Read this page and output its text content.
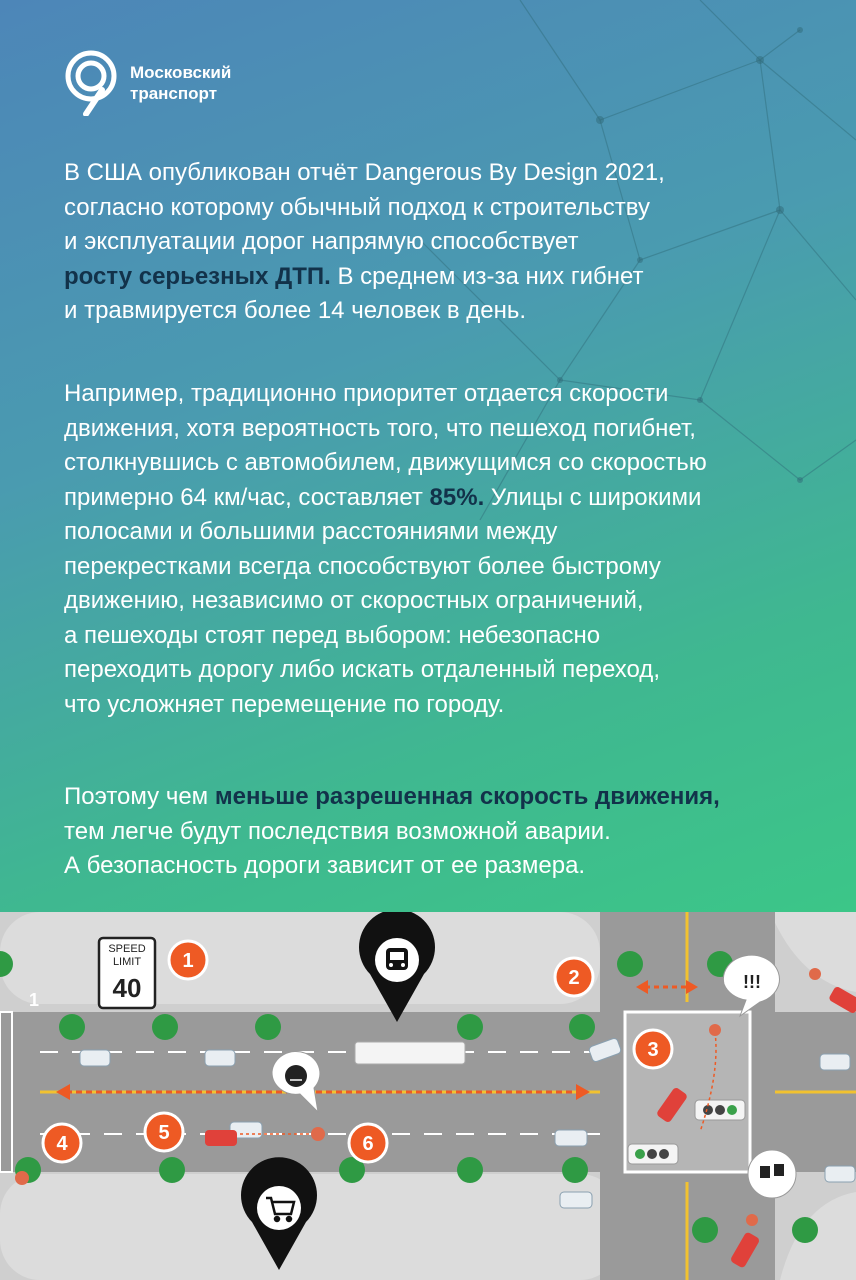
Московский
транспорт

В США опубликован отчёт Dangerous By Design 2021,
согласно которому обычный подход к строительству
и эксплуатации дорог напрямую способствует
росту серьезных ДТП. В среднем из-за них гибнет
и травмируется более 14 человек в день.

Например, традиционно приоритет отдается скорости
движения, хотя вероятность того, что пешеход погибнет,
столкнувшись с автомобилем, движущимся со скоростью
примерно 64 км/час, составляет 85%. Улицы с широкими
полосами и большими расстояниями между
перекрестками всегда способствуют более быстрому
движению, независимо от скоростных ограничений,
а пешеходы стоят перед выбором: небезопасно
переходить дорогу либо искать отдаленный переход,
что усложняет перемещение по городу.

Поэтому чем меньше разрешенная скорость движения,
тем легче будут последствия возможной аварии.
А безопасность дороги зависит от ее размера.

SPEED
LIMIT
40	!!!
1
2
3
4	5	6
1
